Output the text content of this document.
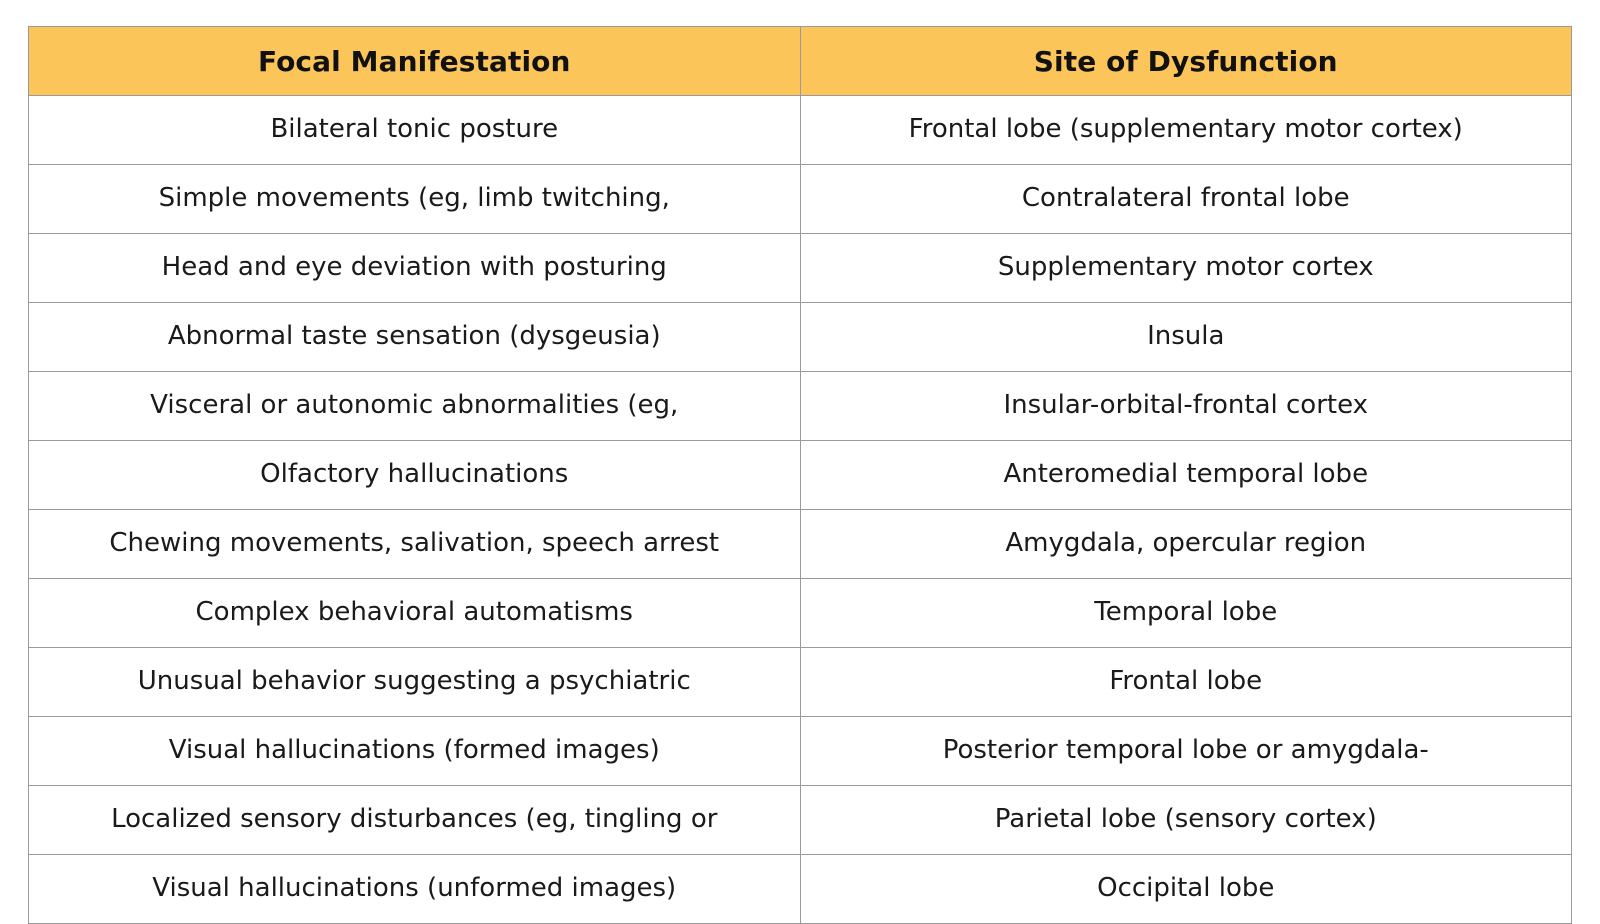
Focal Manifestation	Site of Dysfunction
Bilateral tonic posture	Frontal lobe (supplementary motor cortex)
Simple movements (eg, limb twitching,	Contralateral frontal lobe
Head and eye deviation with posturing	Supplementary motor cortex
Abnormal taste sensation (dysgeusia)	Insula
Visceral or autonomic abnormalities (eg,	Insular-orbital-frontal cortex
Olfactory hallucinations	Anteromedial temporal lobe
Chewing movements, salivation, speech arrest	Amygdala, opercular region
Complex behavioral automatisms	Temporal lobe
Unusual behavior suggesting a psychiatric	Frontal lobe
Visual hallucinations (formed images)	Posterior temporal lobe or amygdala-
Localized sensory disturbances (eg, tingling or	Parietal lobe (sensory cortex)
Visual hallucinations (unformed images)	Occipital lobe
